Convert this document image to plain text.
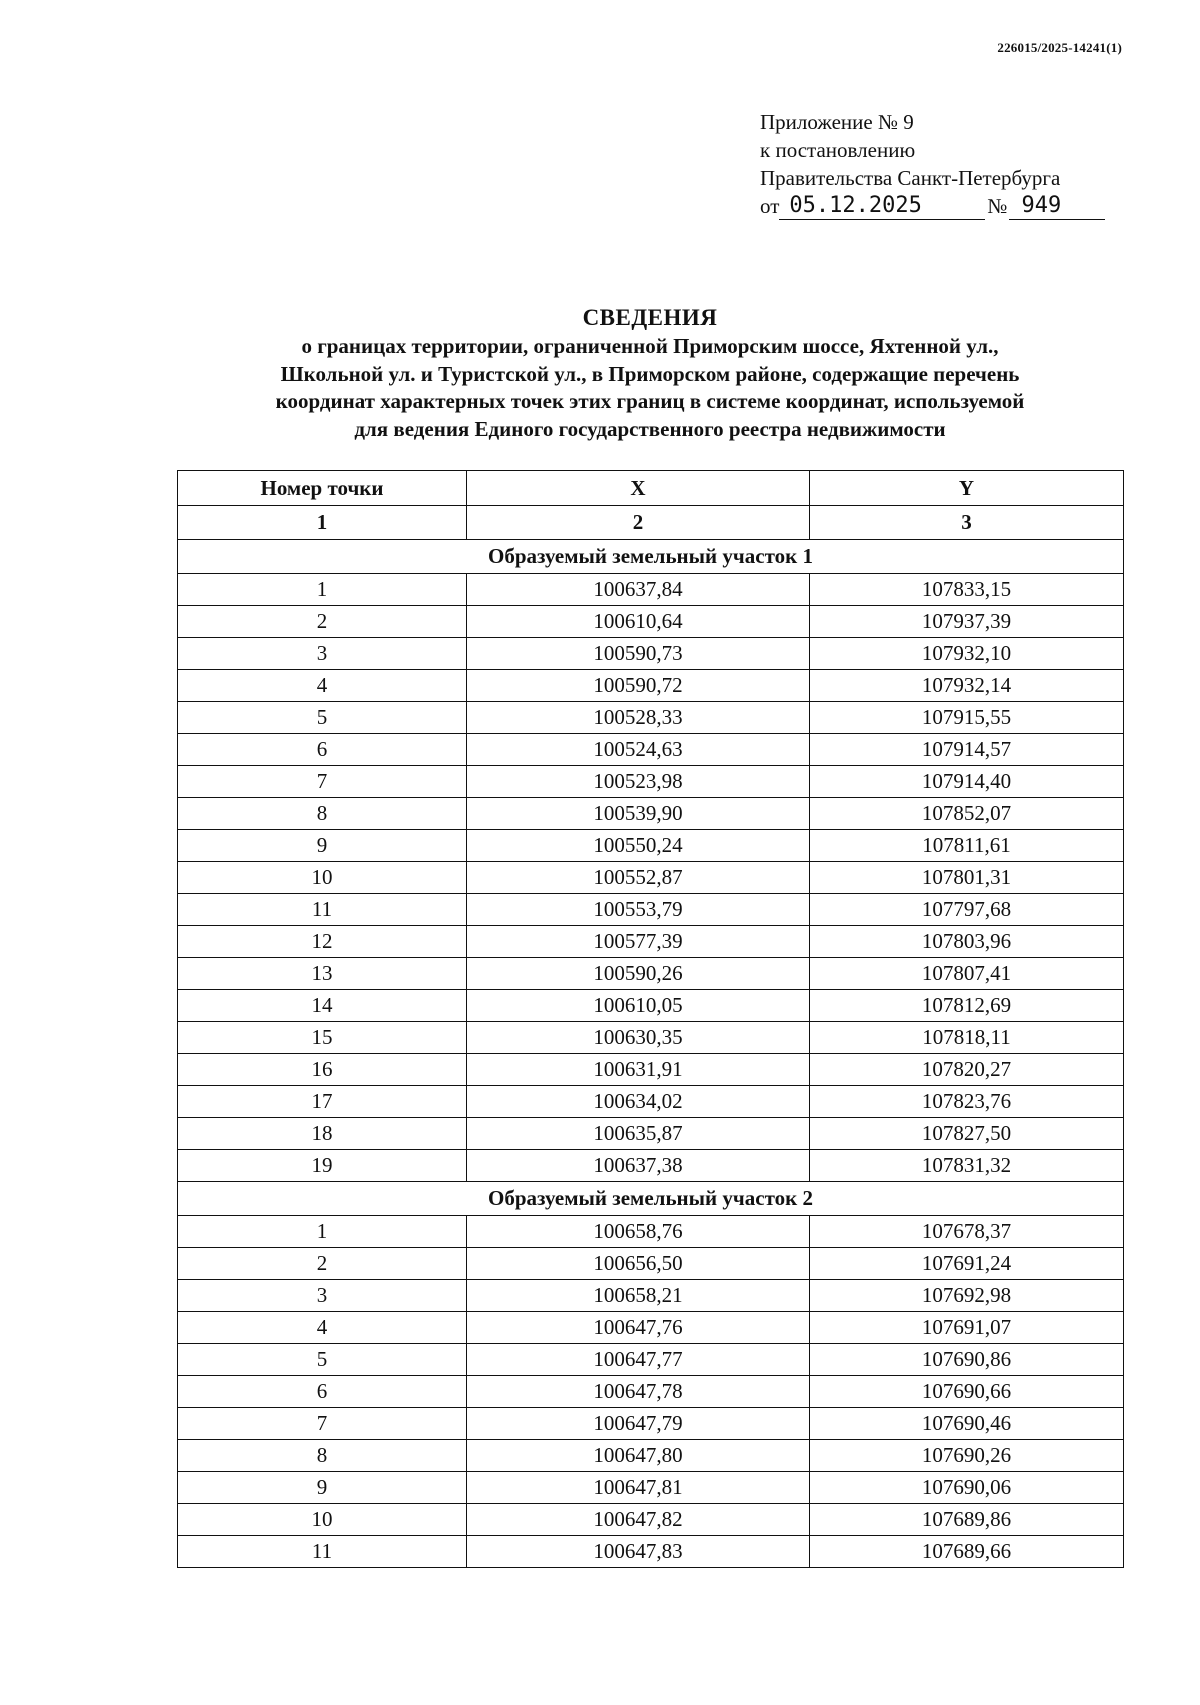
226015/2025-14241(1)
Приложение № 9
к постановлению
Правительства Санкт-Петербурга
от 05.12.2025	№ 949
СВЕДЕНИЯ
о границах территории, ограниченной Приморским шоссе, Яхтенной ул.,
Школьной ул. и Туристской ул., в Приморском районе, содержащие перечень
координат характерных точек этих границ в системе координат, используемой
для ведения Единого государственного реестра недвижимости
Номер точки	X	Y
1	2	3
Образуемый земельный участок 1		
1	100637,84	107833,15
2	100610,64	107937,39
3	100590,73	107932,10
4	100590,72	107932,14
5	100528,33	107915,55
6	100524,63	107914,57
7	100523,98	107914,40
8	100539,90	107852,07
9	100550,24	107811,61
10	100552,87	107801,31
11	100553,79	107797,68
12	100577,39	107803,96
13	100590,26	107807,41
14	100610,05	107812,69
15	100630,35	107818,11
16	100631,91	107820,27
17	100634,02	107823,76
18	100635,87	107827,50
19	100637,38	107831,32
Образуемый земельный участок 2		
1	100658,76	107678,37
2	100656,50	107691,24
3	100658,21	107692,98
4	100647,76	107691,07
5	100647,77	107690,86
6	100647,78	107690,66
7	100647,79	107690,46
8	100647,80	107690,26
9	100647,81	107690,06
10	100647,82	107689,86
11	100647,83	107689,66
